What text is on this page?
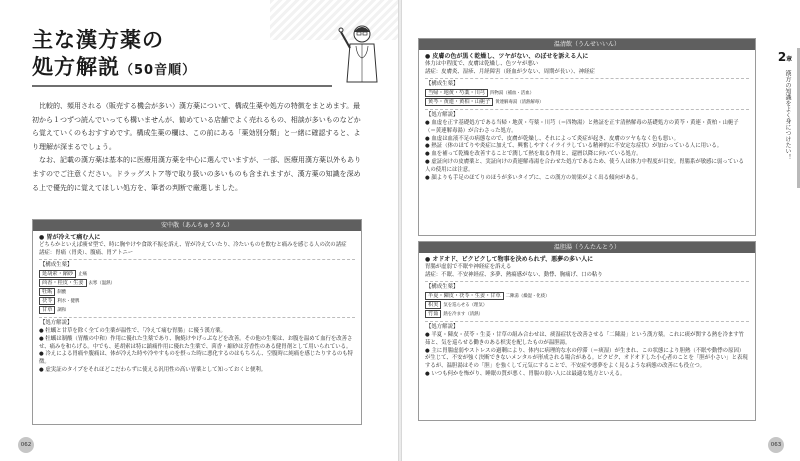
主な漢方薬の
処方解説（50音順）

比較的、頻用される（販売する機会が多い）漢方薬について、構成生薬や処方の特徴をまとめます。最初から１つずつ読んでいっても構いませんが、勧めている店舗でよく売れるもの、相談が多いものなどから覚えていくのもおすすめです。構成生薬の欄は、この前にある「薬効別分類」と一緒に確認すると、より理解が深まるでしょう。

なお、記載の漢方薬は基本的に医療用漢方薬を中心に選んでいますが、一部、医療用漢方薬以外もありますのでご注意ください。ドラッグストア等で取り扱いの多いものも含まれますが、漢方薬の知識を深める上で優先的に覚えてほしい処方を、筆者の判断で厳選しました。

安中散（あんちゅうさん）
● 胃が冷えて痛む人に
どちらかといえば痩せ型で、時に胸やけや食欲不振を訴え、胃が冷えていたり、冷たいものを飲むと痛みを感じる人の次の諸症
諸症：胃痛（胃炎）、腹痛、胃アトニー
【構成生薬】
延胡索・縮砂 止痛
茴香・桂皮・生姜 去寒（温熱）
牡蛎 制酸
茯苓 利水・健脾
甘草 調和
【処方解説】
● 牡蠣と甘草を除く全ての生薬が温性で、「冷えて痛む胃腸」に優う漢方薬。
● 牡蠣は制酸（胃酸の中和）作用に優れた生薬であり、胸焼けやげっぷなどを改善。その他の生薬は、お腹を温めて血行を改善させ、痛みを和らげる。中でも、延胡索は特に鎮痛作用に優れた生薬で、茴香・縮砂は芳香性のある健胃剤として用いられている。
● 冷えによる胃痛や腹痛は、体が冷えた時や冷やすものを摂った時に悪化するのはもちろん、空腹時に純痛を感じたりするのも特徴。
● 虚実証のタイプをそれほどこだわらずに使える汎用性の高い胃薬として知っておくと便利。
062
温清飲（うんせいいん）
● 皮膚の色が黒く乾燥し、ツヤがない、のぼせを訴える人に
体力は中程度で、皮膚は乾燥し、色ツヤが悪い
諸症：皮膚炎、湿疹、月経障害（経血が少ない、周期が長い）、神経症
【構成生薬】
当帰・地黄・芍薬・川芎 四物湯（補血・活血）
黄芩・黄連・黄柏・山梔子 黄連解毒湯（清熱解毒）
【処方解説】
● 血虚を正す基礎処方である当帰・地黄・芍薬・川芎（＝四物湯）と熱証を正す清熱解毒の基礎処方の黄芩・黄連・黄柏・山梔子（＝黄連解毒湯）が合わさった処方。
● 血虚は血液不足の病態なので、皮膚が乾燥し、それによって炎症が起き、皮膚のツヤもなく色も悪い。
● 熱証（体のほてりや炎症に加えて、興奮しやすくイライラしている精神的に不安定な症状）が加わっている人に用いる。
● 血を補って乾燥を改善することで潤して熱を取る作用と、還暦以降に向いている処方。
● 虚証向けの皮膚薬と、実証向けの黄連解毒湯を合わせた処方であるため、使う人は体力中程度が目安。胃腸系が敏感に弱っている人の使用には注意。
● 顔よりも手足のほてりのほうが多いタイプに、この漢方の効果がよく出る傾向がある。
温胆湯（うんたんとう）
● オドオド、ビクビクして物事を決められず、悪夢の多い人に
胃腸が虚弱で不眠や神経症を訴える
諸症：不眠、不安神経症、多夢、熱瘍感がない、動悸、胸痛げ、口の粘り
【構成生薬】
半夏・陳皮・茯苓・生姜・甘草 二陳湯（燥湿・化痰）
枳実 気を巡らせる（理気）
竹茹 熱を冷ます（清熱）
【処方解説】
● 半夏・陳皮・茯苓・生姜・甘草の組み合わせは、痰湿症状を改善させる「二陳湯」という漢方薬。これに痰が関する熱を冷ます竹茹と、気を巡らせる働きのある枳実を配したものが温胆湯。
● 主に胃腸虚弱やストレスの過剰により、体内に病理的な水の停滞（＝痰湿）が生まれ、この状態により胆熱（不眠や動悸の原因）が生じて、不安が強く決断できないメンタルが形成される場合がある。ビクビク、オドオドした小心者のことを「胆が小さい」と表現するが、温胆湯はその「胆」を強くして元気にすることで、不安症や悪夢をよく見るような病態の改善にも役立つ。
● いつも何かを怖がり、睡眠の質が悪く、胃腸の弱い人には最適な処方といえる。
2章
漢方の知識をよく身につけたい！
063
